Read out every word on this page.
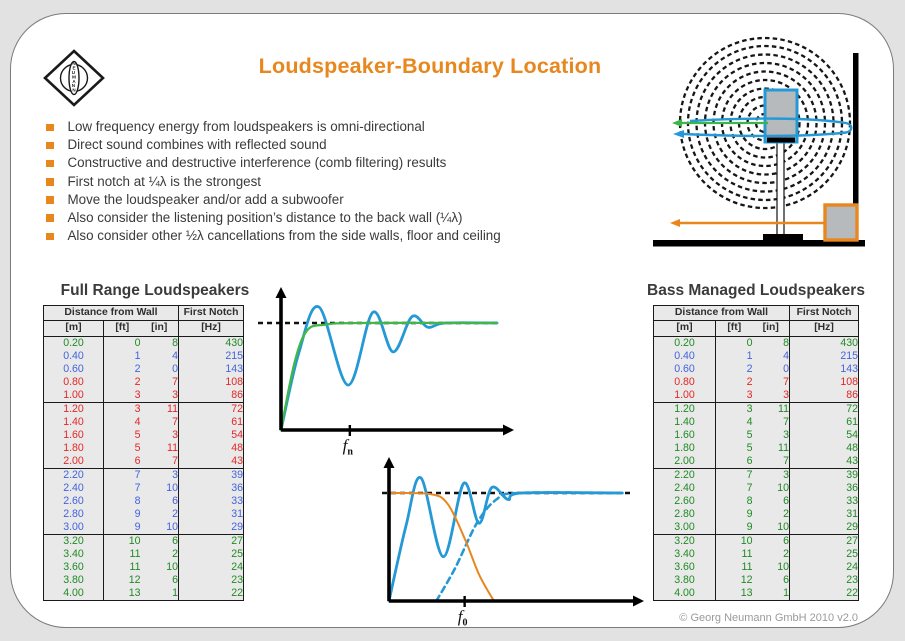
N E U M A N N
Loudspeaker-Boundary Location
Low frequency energy from loudspeakers is omni-directional
Direct sound combines with reflected sound
Constructive and destructive interference (comb filtering) results
First notch at ¼λ is the strongest
Move the loudspeaker and/or add a subwoofer
Also consider the listening position’s distance to the back wall (¼λ)
Also consider other ½λ cancellations from the side walls, floor and ceiling
Full Range Loudspeakers
Distance from Wall			First Notch
[m]	[ft]	[in]	[Hz]
0.20	0	8	430
0.40	1	4	215
0.60	2	0	143
0.80	2	7	108
1.00	3	3	86
1.20	3	11	72
1.40	4	7	61
1.60	5	3	54
1.80	5	11	48
2.00	6	7	43
2.20	7	3	39
2.40	7	10	36
2.60	8	6	33
2.80	9	2	31
3.00	9	10	29
3.20	10	6	27
3.40	11	2	25
3.60	11	10	24
3.80	12	6	23
4.00	13	1	22
Bass Managed Loudspeakers
Distance from Wall			First Notch
[m]	[ft]	[in]	[Hz]
0.20	0	8	430
0.40	1	4	215
0.60	2	0	143
0.80	2	7	108
1.00	3	3	86
1.20	3	11	72
1.40	4	7	61
1.60	5	3	54
1.80	5	11	48
2.00	6	7	43
2.20	7	3	39
2.40	7	10	36
2.60	8	6	33
2.80	9	2	31
3.00	9	10	29
3.20	10	6	27
3.40	11	2	25
3.60	11	10	24
3.80	12	6	23
4.00	13	1	22
$f_n$
$f_0$	© Georg Neumann GmbH 2010 v2.0
